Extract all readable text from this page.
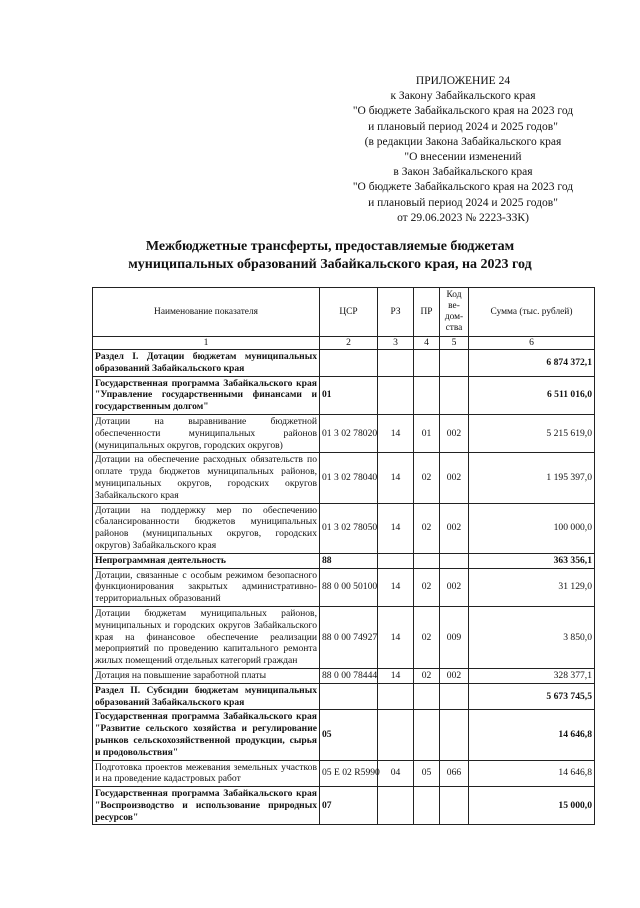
ПРИЛОЖЕНИЕ 24
к Закону Забайкальского края
"О бюджете Забайкальского края на 2023 год
и плановый период 2024 и 2025 годов"
(в редакции Закона Забайкальского края
"О внесении изменений
в Закон Забайкальского края
"О бюджете Забайкальского края на 2023 год
и плановый период 2024 и 2025 годов"
от 29.06.2023 № 2223-ЗЗК)
Межбюджетные трансферты, предоставляемые бюджетам
муниципальных образований Забайкальского края, на 2023 год
Наименование показателя	ЦСР	РЗ	ПР	Код ве- дом- ства	Сумма (тыс. рублей)
1	2	3	4	5	6
Раздел I. Дотации бюджетам муниципальных образований Забайкальского края					6 874 372,1
Государственная программа Забайкальского края "Управление государственными финансами и государственным долгом"	01				6 511 016,0
Дотации на выравнивание бюджетной обеспеченности муниципальных районов (муниципальных округов, городских округов)	01 3 02 78020	14	01	002	5 215 619,0
Дотации на обеспечение расходных обязательств по оплате труда бюджетов муниципальных районов, муниципальных округов, городских округов Забайкальского края	01 3 02 78040	14	02	002	1 195 397,0
Дотации на поддержку мер по обеспечению сбалансированности бюджетов муниципальных районов (муниципальных округов, городских округов) Забайкальского края	01 3 02 78050	14	02	002	100 000,0
Непрограммная деятельность	88				363 356,1
Дотации, связанные с особым режимом безопасного функционирования закрытых административно-территориальных образований	88 0 00 50100	14	02	002	31 129,0
Дотации бюджетам муниципальных районов, муниципальных и городских округов Забайкальского края на финансовое обеспечение реализации мероприятий по проведению капитального ремонта жилых помещений отдельных категорий граждан	88 0 00 74927	14	02	009	3 850,0
Дотация на повышение заработной платы	88 0 00 78444	14	02	002	328 377,1
Раздел II. Субсидии бюджетам муниципальных образований Забайкальского края					5 673 745,5
Государственная программа Забайкальского края "Развитие сельского хозяйства и регулирование рынков сельскохозяйственной продукции, сырья и продовольствия"	05				14 646,8
Подготовка проектов межевания земельных участков и на проведение кадастровых работ	05 Е 02 R5990	04	05	066	14 646,8
Государственная программа Забайкальского края "Воспроизводство и использование природных ресурсов"	07				15 000,0
